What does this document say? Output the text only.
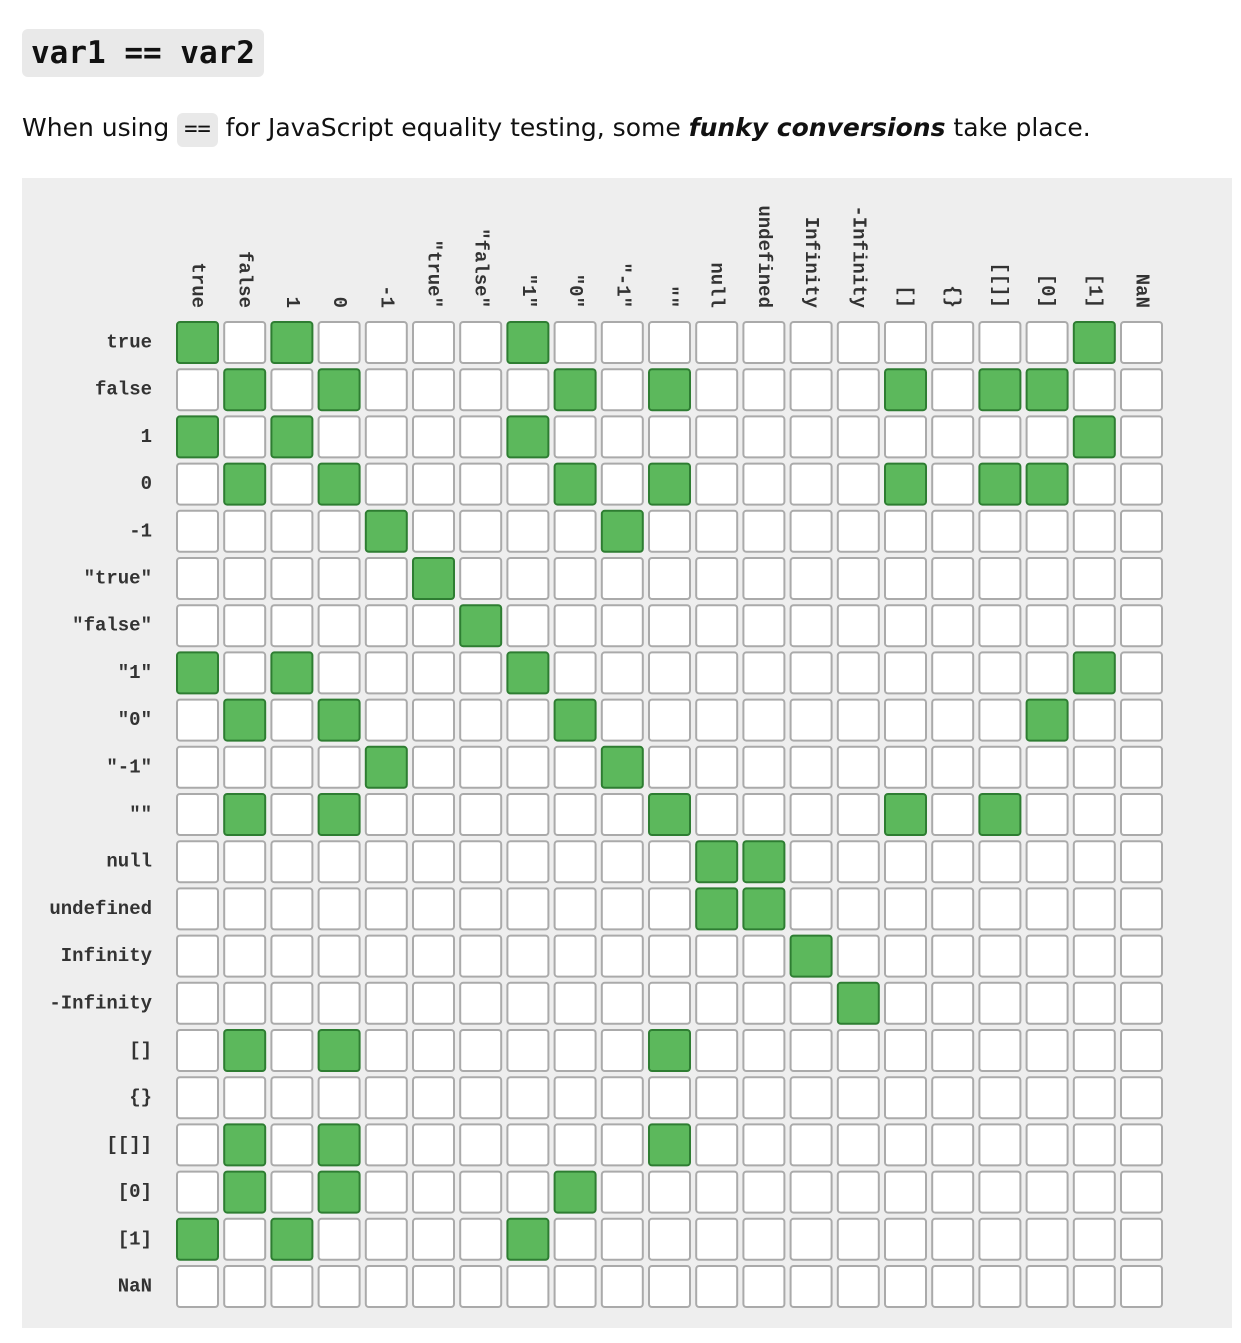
var1 == var2
When using == for JavaScript equality testing, some funky conversions take place.
true false 1 0 -1 "true" "false" "1" "0" "-1" "" null undefined Infinity -Infinity [] {} [[]] [0] [1] NaN
true
false
1
0
-1
"true"
"false"
"1"
"0"
"-1"
""
null
undefined
Infinity
-Infinity
[]
{}
[[]]
[0]
[1]
NaN
